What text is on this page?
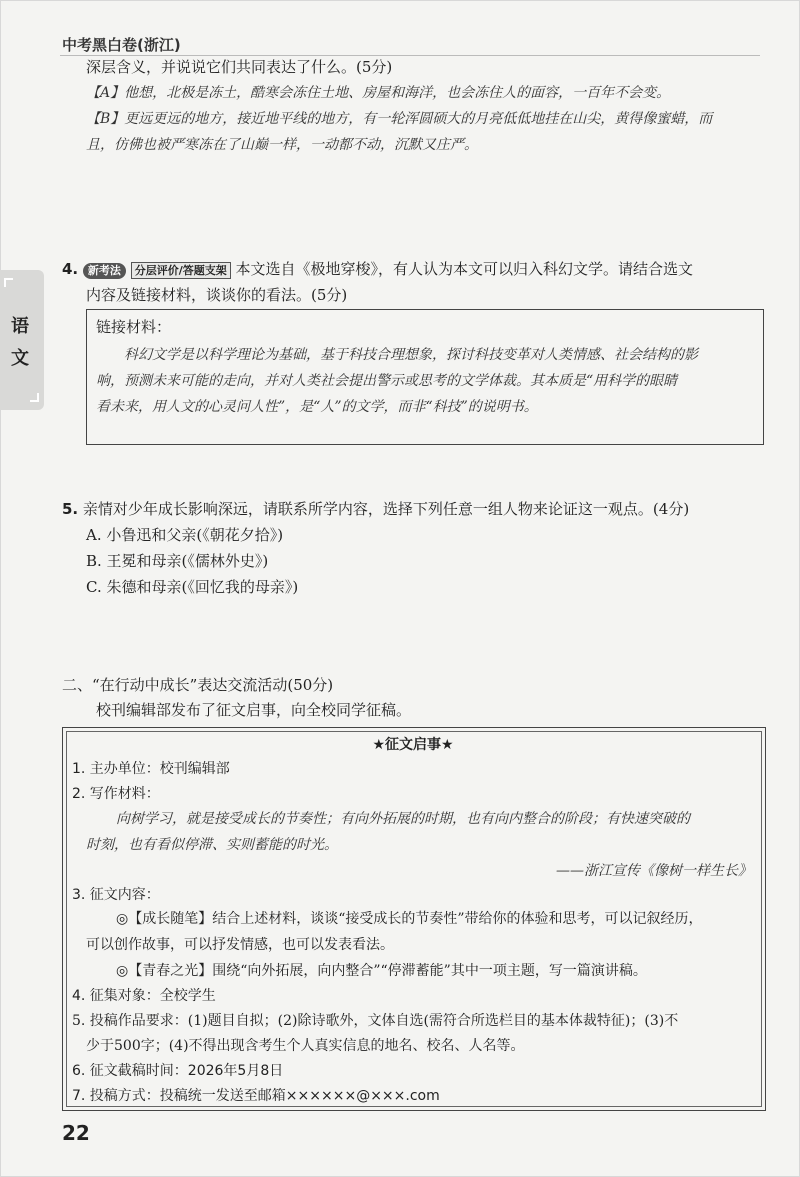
中考黑白卷(浙江)
语
文
深层含义，并说说它们共同表达了什么。(5分)
【A】他想，北极是冻土，酷寒会冻住土地、房屋和海洋，也会冻住人的面容，一百年不会变。
【B】更远更远的地方，接近地平线的地方，有一轮浑圆硕大的月亮低低地挂在山尖，黄得像蜜蜡，而
且，仿佛也被严寒冻在了山巅一样，一动都不动，沉默又庄严。
4. 新考法 分层评价/答题支架 本文选自《极地穿梭》，有人认为本文可以归入科幻文学。请结合选文
内容及链接材料，谈谈你的看法。(5分)
链接材料：
科幻文学是以科学理论为基础，基于科技合理想象，探讨科技变革对人类情感、社会结构的影
响，预测未来可能的走向，并对人类社会提出警示或思考的文学体裁。其本质是“用科学的眼睛
看未来，用人文的心灵问人性”，是“人”的文学，而非“科技”的说明书。
5. 亲情对少年成长影响深远，请联系所学内容，选择下列任意一组人物来论证这一观点。(4分)
A. 小鲁迅和父亲(《朝花夕拾》)
B. 王冕和母亲(《儒林外史》)
C. 朱德和母亲(《回忆我的母亲》)
二、“在行动中成长”表达交流活动(50分)
校刊编辑部发布了征文启事，向全校同学征稿。
★征文启事★
1. 主办单位：校刊编辑部
2. 写作材料：
向树学习，就是接受成长的节奏性；有向外拓展的时期，也有向内整合的阶段；有快速突破的
时刻，也有看似停滞、实则蓄能的时光。
——浙江宣传《像树一样生长》
3. 征文内容：
◎【成长随笔】结合上述材料，谈谈“接受成长的节奏性”带给你的体验和思考，可以记叙经历，
可以创作故事，可以抒发情感，也可以发表看法。
◎【青春之光】围绕“向外拓展，向内整合”“停滞蓄能”其中一项主题，写一篇演讲稿。
4. 征集对象：全校学生
5. 投稿作品要求：(1)题目自拟；(2)除诗歌外，文体自选(需符合所选栏目的基本体裁特征)；(3)不
少于500字；(4)不得出现含考生个人真实信息的地名、校名、人名等。
6. 征文截稿时间：2026年5月8日
7. 投稿方式：投稿统一发送至邮箱××××××@×××.com
22
